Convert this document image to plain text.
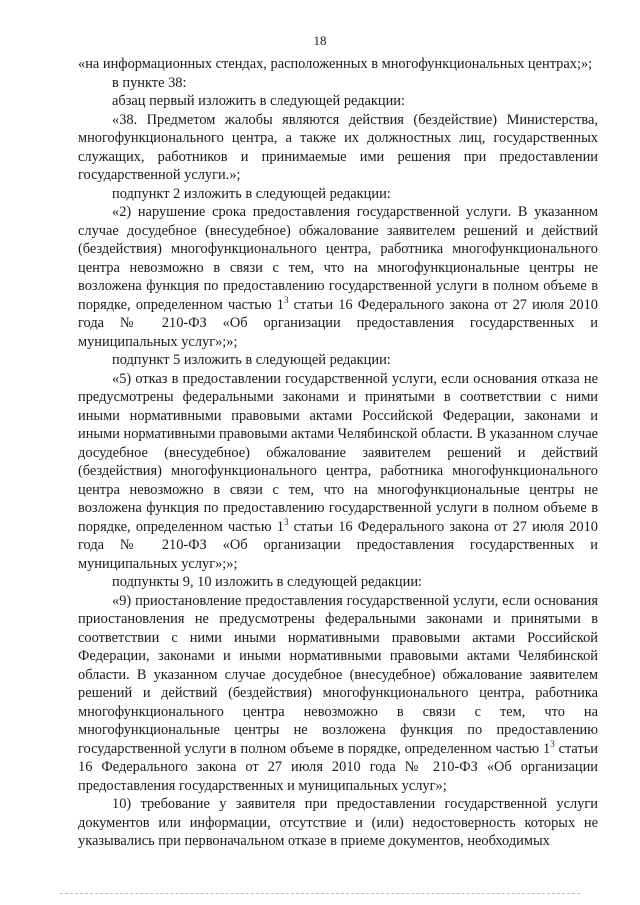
18

«на информационных стендах, расположенных в многофункциональных центрах;»;

в пункте 38:

абзац первый изложить в следующей редакции:

«38. Предметом жалобы являются действия (бездействие) Министерства, многофункционального центра, а также их должностных лиц, государственных служащих, работников и принимаемые ими решения при предоставлении государственной услуги.»;

подпункт 2 изложить в следующей редакции:

«2) нарушение срока предоставления государственной услуги. В указанном случае досудебное (внесудебное) обжалование заявителем решений и действий (бездействия) многофункционального центра, работника многофункционального центра невозможно в связи с тем, что на многофункциональные центры не возложена функция по предоставлению государственной услуги в полном объеме в порядке, определенном частью $1^3$ статьи 16 Федерального закона от 27 июля 2010 года № 210-ФЗ «Об организации предоставления государственных и муниципальных услуг»;»;

подпункт 5 изложить в следующей редакции:

«5) отказ в предоставлении государственной услуги, если основания отказа не предусмотрены федеральными законами и принятыми в соответствии с ними иными нормативными правовыми актами Российской Федерации, законами и иными нормативными правовыми актами Челябинской области. В указанном случае досудебное (внесудебное) обжалование заявителем решений и действий (бездействия) многофункционального центра, работника многофункционального центра невозможно в связи с тем, что на многофункциональные центры не возложена функция по предоставлению государственной услуги в полном объеме в порядке, определенном частью $1^3$ статьи 16 Федерального закона от 27 июля 2010 года № 210-ФЗ «Об организации предоставления государственных и муниципальных услуг»;»;

подпункты 9, 10 изложить в следующей редакции:

«9) приостановление предоставления государственной услуги, если основания приостановления не предусмотрены федеральными законами и принятыми в соответствии с ними иными нормативными правовыми актами Российской Федерации, законами и иными нормативными правовыми актами Челябинской области. В указанном случае досудебное (внесудебное) обжалование заявителем решений и действий (бездействия) многофункционального центра, работника многофункционального центра невозможно в связи с тем, что на многофункциональные центры не возложена функция по предоставлению государственной услуги в полном объеме в порядке, определенном частью $1^3$ статьи 16 Федерального закона от 27 июля 2010 года № 210-ФЗ «Об организации предоставления государственных и муниципальных услуг»;

10) требование у заявителя при предоставлении государственной услуги документов или информации, отсутствие и (или) недостоверность которых не указывались при первоначальном отказе в приеме документов, необходимых
